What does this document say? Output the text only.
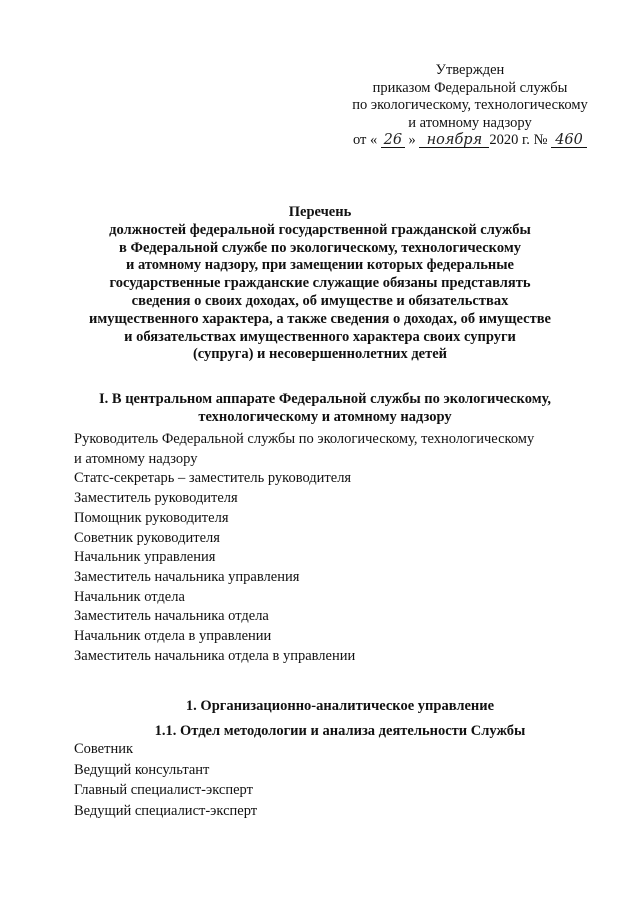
Утвержден
приказом Федеральной службы
по экологическому, технологическому
и атомному надзору
от « 26 » ноября 2020 г. № 460
Перечень
должностей федеральной государственной гражданской службы
в Федеральной службе по экологическому, технологическому
и атомному надзору, при замещении которых федеральные
государственные гражданские служащие обязаны представлять
сведения о своих доходах, об имуществе и обязательствах
имущественного характера, а также сведения о доходах, об имуществе
и обязательствах имущественного характера своих супруги
(супруга) и несовершеннолетних детей
I. В центральном аппарате Федеральной службы по экологическому,
технологическому и атомному надзору
Руководитель Федеральной службы по экологическому, технологическому
и атомному надзору
Статс-секретарь – заместитель руководителя
Заместитель руководителя
Помощник руководителя
Советник руководителя
Начальник управления
Заместитель начальника управления
Начальник отдела
Заместитель начальника отдела
Начальник отдела в управлении
Заместитель начальника отдела в управлении
1. Организационно-аналитическое управление
1.1. Отдел методологии и анализа деятельности Службы
Советник
Ведущий консультант
Главный специалист-эксперт
Ведущий специалист-эксперт
